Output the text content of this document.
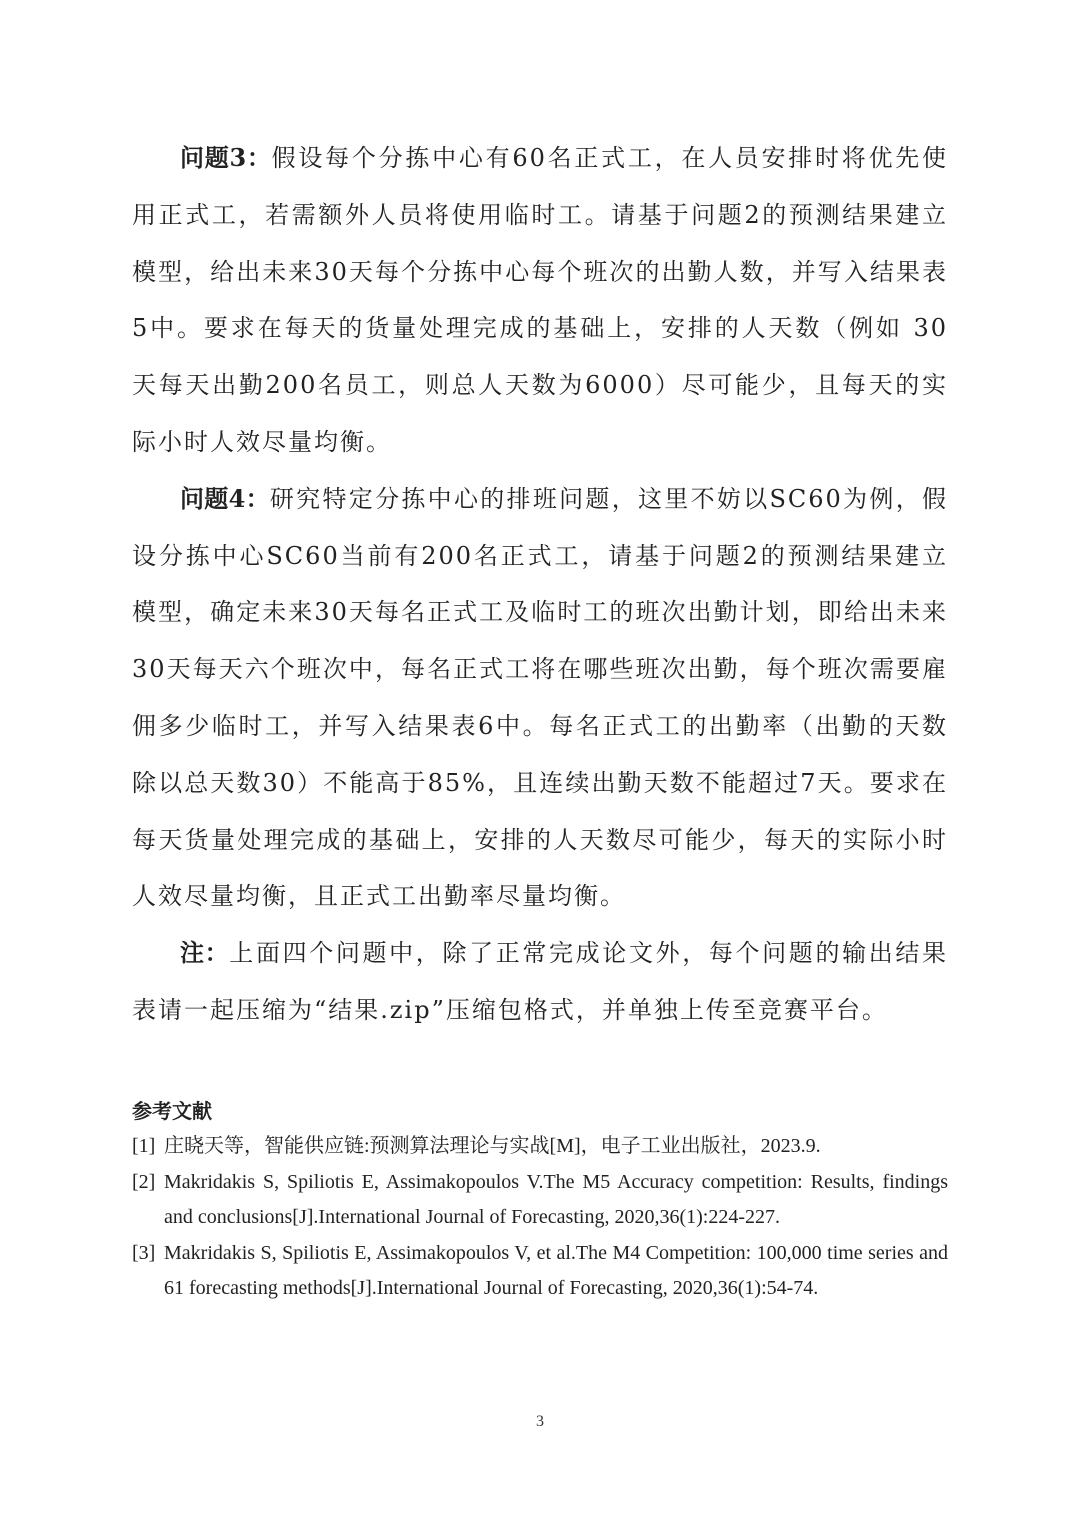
问题3：假设每个分拣中心有60名正式工，在人员安排时将优先使用正式工，若需额外人员将使用临时工。请基于问题2的预测结果建立模型，给出未来30天每个分拣中心每个班次的出勤人数，并写入结果表5中。要求在每天的货量处理完成的基础上，安排的人天数（例如 30 天每天出勤200名员工，则总人天数为6000）尽可能少，且每天的实际小时人效尽量均衡。

问题4：研究特定分拣中心的排班问题，这里不妨以SC60为例，假设分拣中心SC60当前有200名正式工，请基于问题2的预测结果建立模型，确定未来30天每名正式工及临时工的班次出勤计划，即给出未来30天每天六个班次中，每名正式工将在哪些班次出勤，每个班次需要雇佣多少临时工，并写入结果表6中。每名正式工的出勤率（出勤的天数除以总天数30）不能高于85%，且连续出勤天数不能超过7天。要求在每天货量处理完成的基础上，安排的人天数尽可能少，每天的实际小时人效尽量均衡，且正式工出勤率尽量均衡。

注：上面四个问题中，除了正常完成论文外，每个问题的输出结果表请一起压缩为“结果.zip”压缩包格式，并单独上传至竞赛平台。

参考文献
[1] 庄晓天等，智能供应链:预测算法理论与实战[M]，电子工业出版社，2023.9.
[2] Makridakis S, Spiliotis E, Assimakopoulos V.The M5 Accuracy competition: Results, findings and conclusions[J].International Journal of Forecasting, 2020,36(1):224-227.
[3] Makridakis S, Spiliotis E, Assimakopoulos V, et al.The M4 Competition: 100,000 time series and 61 forecasting methods[J].International Journal of Forecasting, 2020,36(1):54-74.
3
